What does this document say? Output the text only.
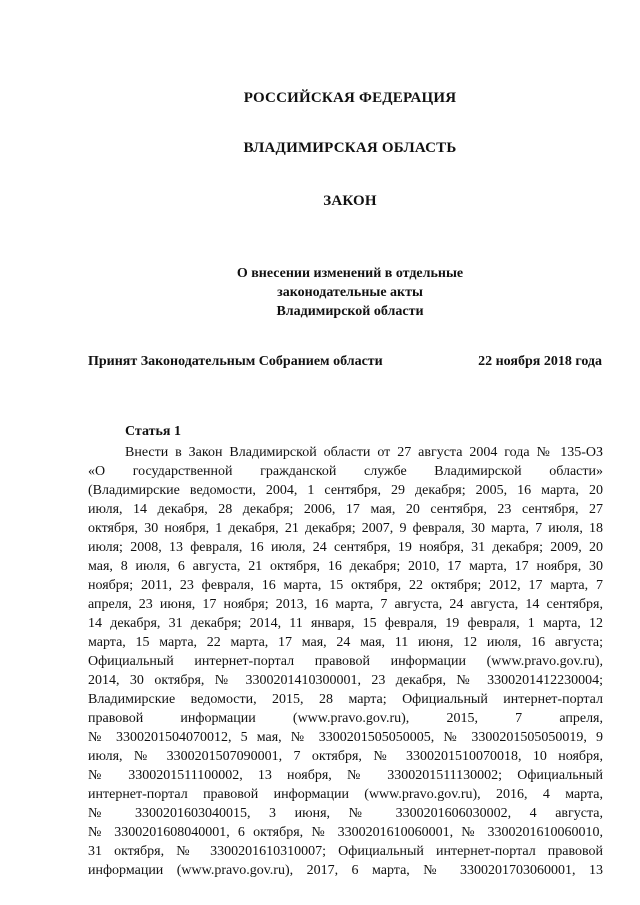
РОССИЙСКАЯ ФЕДЕРАЦИЯ
ВЛАДИМИРСКАЯ ОБЛАСТЬ
ЗАКОН
О внесении изменений в отдельные
законодательные акты
Владимирской области
Принят Законодательным Собранием области	22 ноября 2018 года
Статья 1
Внести в Закон Владимирской области от 27 августа 2004 года № 135-ОЗ
«О государственной гражданской службе Владимирской области»
(Владимирские ведомости, 2004, 1 сентября, 29 декабря; 2005, 16 марта, 20
июля, 14 декабря, 28 декабря; 2006, 17 мая, 20 сентября, 23 сентября, 27
октября, 30 ноября, 1 декабря, 21 декабря; 2007, 9 февраля, 30 марта, 7 июля, 18
июля; 2008, 13 февраля, 16 июля, 24 сентября, 19 ноября, 31 декабря; 2009, 20
мая, 8 июля, 6 августа, 21 октября, 16 декабря; 2010, 17 марта, 17 ноября, 30
ноября; 2011, 23 февраля, 16 марта, 15 октября, 22 октября; 2012, 17 марта, 7
апреля, 23 июня, 17 ноября; 2013, 16 марта, 7 августа, 24 августа, 14 сентября,
14 декабря, 31 декабря; 2014, 11 января, 15 февраля, 19 февраля, 1 марта, 12
марта, 15 марта, 22 марта, 17 мая, 24 мая, 11 июня, 12 июля, 16 августа;
Официальный интернет-портал правовой информации (www.pravo.gov.ru),
2014, 30 октября, № 3300201410300001, 23 декабря, № 3300201412230004;
Владимирские ведомости, 2015, 28 марта; Официальный интернет-портал
правовой информации (www.pravo.gov.ru), 2015, 7 апреля,
№ 3300201504070012, 5 мая, № 3300201505050005, № 3300201505050019, 9
июля, № 3300201507090001, 7 октября, № 3300201510070018, 10 ноября,
№ 3300201511100002, 13 ноября, № 3300201511130002; Официальный
интернет-портал правовой информации (www.pravo.gov.ru), 2016, 4 марта,
№ 3300201603040015, 3 июня, № 3300201606030002, 4 августа,
№ 3300201608040001, 6 октября, № 3300201610060001, № 3300201610060010,
31 октября, № 3300201610310007; Официальный интернет-портал правовой
информации (www.pravo.gov.ru), 2017, 6 марта, № 3300201703060001, 13
